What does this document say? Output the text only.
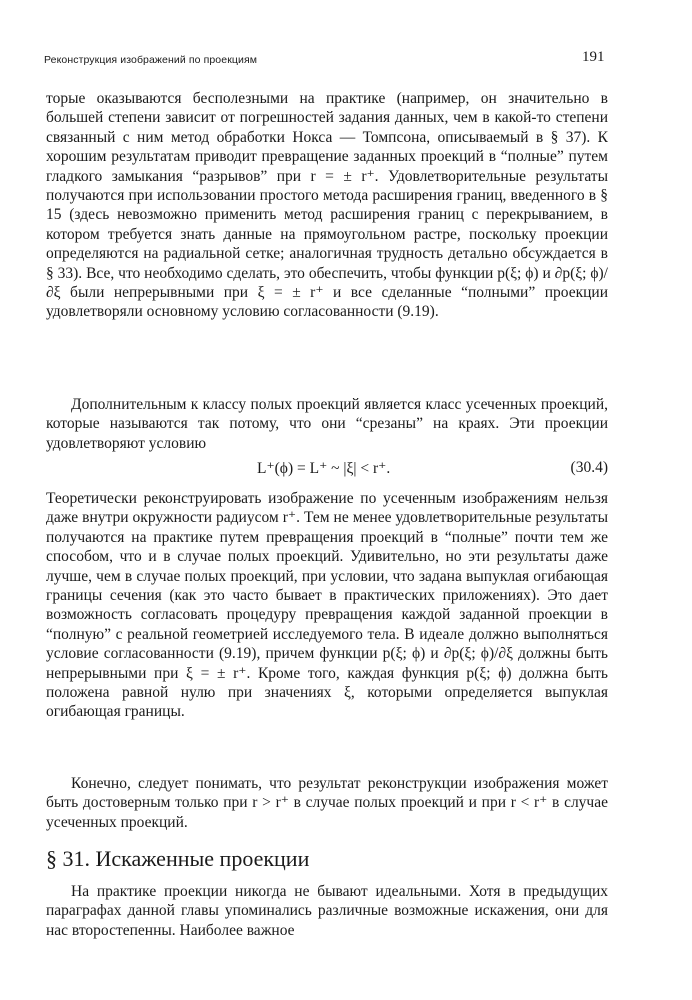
Реконструкция изображений по проекциям	191

торые оказываются бесполезными на практике (например, он значительно в большей степени зависит от погрешностей задания данных, чем в какой-то степени связанный с ним метод обработки Нокса — Томпсона, описываемый в § 37). К хорошим результатам приводит превращение заданных проекций в “полные” путем гладкого замыкания “разрывов” при r = ± r⁺. Удовлетворительные результаты получаются при использовании простого метода расширения границ, введенного в § 15 (здесь невозможно применить метод расширения границ с перекрыванием, в котором требуется знать данные на прямоугольном растре, поскольку проекции определяются на радиальной сетке; аналогичная трудность детально обсуждается в § 33). Все, что необходимо сделать, это обеспечить, чтобы функции p(ξ; ϕ) и ∂p(ξ; ϕ)/∂ξ были непрерывными при ξ = ± r⁺ и все сделанные “полными” проекции удовлетворяли основному условию согласованности (9.19).

Дополнительным к классу полых проекций является класс усеченных проекций, которые называются так потому, что они “срезаны” на краях. Эти проекции удовлетворяют условию

L⁺(ϕ) = L⁺ ~ |ξ| < r⁺.	(30.4)

Теоретически реконструировать изображение по усеченным изображениям нельзя даже внутри окружности радиусом r⁺. Тем не менее удовлетворительные результаты получаются на практике путем превращения проекций в “полные” почти тем же способом, что и в случае полых проекций. Удивительно, но эти результаты даже лучше, чем в случае полых проекций, при условии, что задана выпуклая огибающая границы сечения (как это часто бывает в практических приложениях). Это дает возможность согласовать процедуру превращения каждой заданной проекции в “полную” с реальной геометрией исследуемого тела. В идеале должно выполняться условие согласованности (9.19), причем функции p(ξ; ϕ) и ∂p(ξ; ϕ)/∂ξ должны быть непрерывными при ξ = ± r⁺. Кроме того, каждая функция p(ξ; ϕ) должна быть положена равной нулю при значениях ξ, которыми определяется выпуклая огибающая границы.

Конечно, следует понимать, что результат реконструкции изображения может быть достоверным только при r > r⁺ в случае полых проекций и при r < r⁺ в случае усеченных проекций.

§ 31. Искаженные проекции

На практике проекции никогда не бывают идеальными. Хотя в предыдущих параграфах данной главы упоминались различные возможные искажения, они для нас второстепенны. Наиболее важное
